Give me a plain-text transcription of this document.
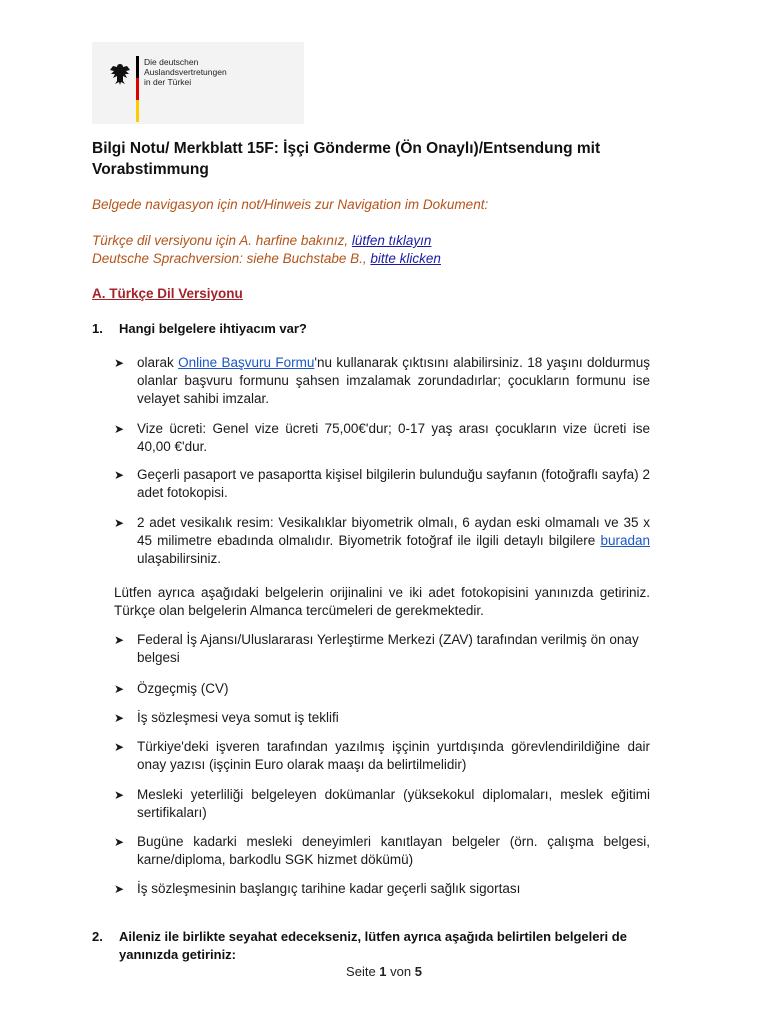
Die deutschen
Auslandsvertretungen
in der Türkei
Bilgi Notu/ Merkblatt 15F: İşçi Gönderme (Ön Onaylı)/Entsendung mit Vorabstimmung
Belgede navigasyon için not/Hinweis zur Navigation im Dokument:
Türkçe dil versiyonu için A. harfine bakınız, lütfen tıklayın
Deutsche Sprachversion: siehe Buchstabe B., bitte klicken
A. Türkçe Dil Versiyonu
1. Hangi belgelere ihtiyacım var?
➤ olarak Online Başvuru Formu'nu kullanarak çıktısını alabilirsiniz. 18 yaşını doldurmuş olanlar başvuru formunu şahsen imzalamak zorundadırlar; çocukların formunu ise velayet sahibi imzalar.
➤ Vize ücreti: Genel vize ücreti 75,00€'dur; 0-17 yaş arası çocukların vize ücreti ise 40,00 €'dur.
➤ Geçerli pasaport ve pasaportta kişisel bilgilerin bulunduğu sayfanın (fotoğraflı sayfa) 2 adet fotokopisi.
➤ 2 adet vesikalık resim: Vesikalıklar biyometrik olmalı, 6 aydan eski olmamalı ve 35 x 45 milimetre ebadında olmalıdır. Biyometrik fotoğraf ile ilgili detaylı bilgilere buradan ulaşabilirsiniz.
Lütfen ayrıca aşağıdaki belgelerin orijinalini ve iki adet fotokopisini yanınızda getiriniz. Türkçe olan belgelerin Almanca tercümeleri de gerekmektedir.
➤ Federal İş Ajansı/Uluslararası Yerleştirme Merkezi (ZAV) tarafından verilmiş ön onay belgesi
➤ Özgeçmiş (CV)
➤ İş sözleşmesi veya somut iş teklifi
➤ Türkiye'deki işveren tarafından yazılmış işçinin yurtdışında görevlendirildiğine dair onay yazısı (işçinin Euro olarak maaşı da belirtilmelidir)
➤ Mesleki yeterliliği belgeleyen dokümanlar (yüksekokul diplomaları, meslek eğitimi sertifikaları)
➤ Bugüne kadarki mesleki deneyimleri kanıtlayan belgeler (örn. çalışma belgesi, karne/diploma, barkodlu SGK hizmet dökümü)
➤ İş sözleşmesinin başlangıç tarihine kadar geçerli sağlık sigortası
2. Aileniz ile birlikte seyahat edecekseniz, lütfen ayrıca aşağıda belirtilen belgeleri de yanınızda getiriniz:
Seite 1 von 5
